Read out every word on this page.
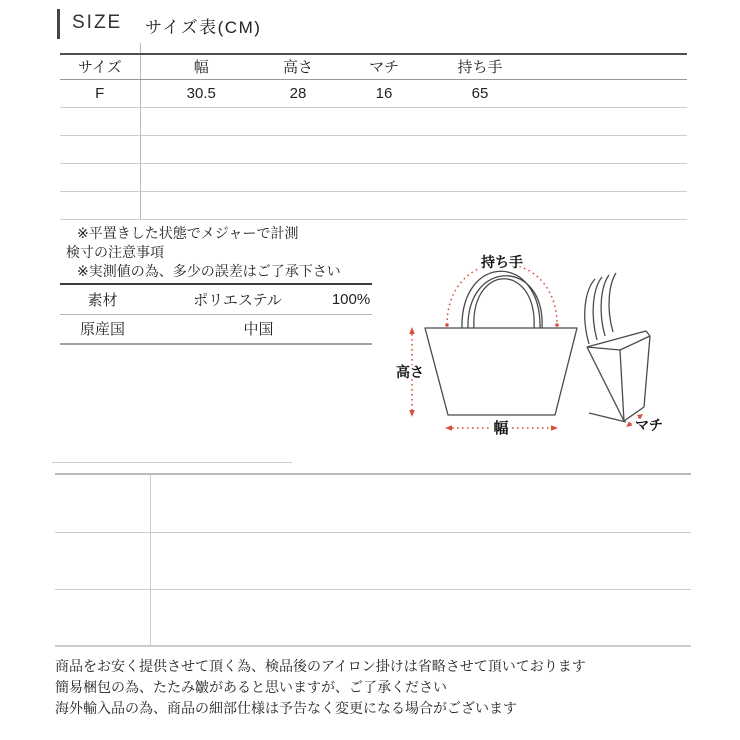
SIZE サイズ表(CM)
サイズ	幅	高さ	マチ	持ち手	
F	30.5	28	16	65	

※平置きした状態でメジャーで計測
検寸の注意事項
※実測値の為、多少の誤差はご了承下さい
素材	ポリエステル	100%
原産国	中国	
持ち手
高さ
幅	マチ

商品をお安く提供させて頂く為、検品後のアイロン掛けは省略させて頂いております
簡易梱包の為、たたみ皺があると思いますが、ご了承ください
海外輸入品の為、商品の細部仕様は予告なく変更になる場合がございます
